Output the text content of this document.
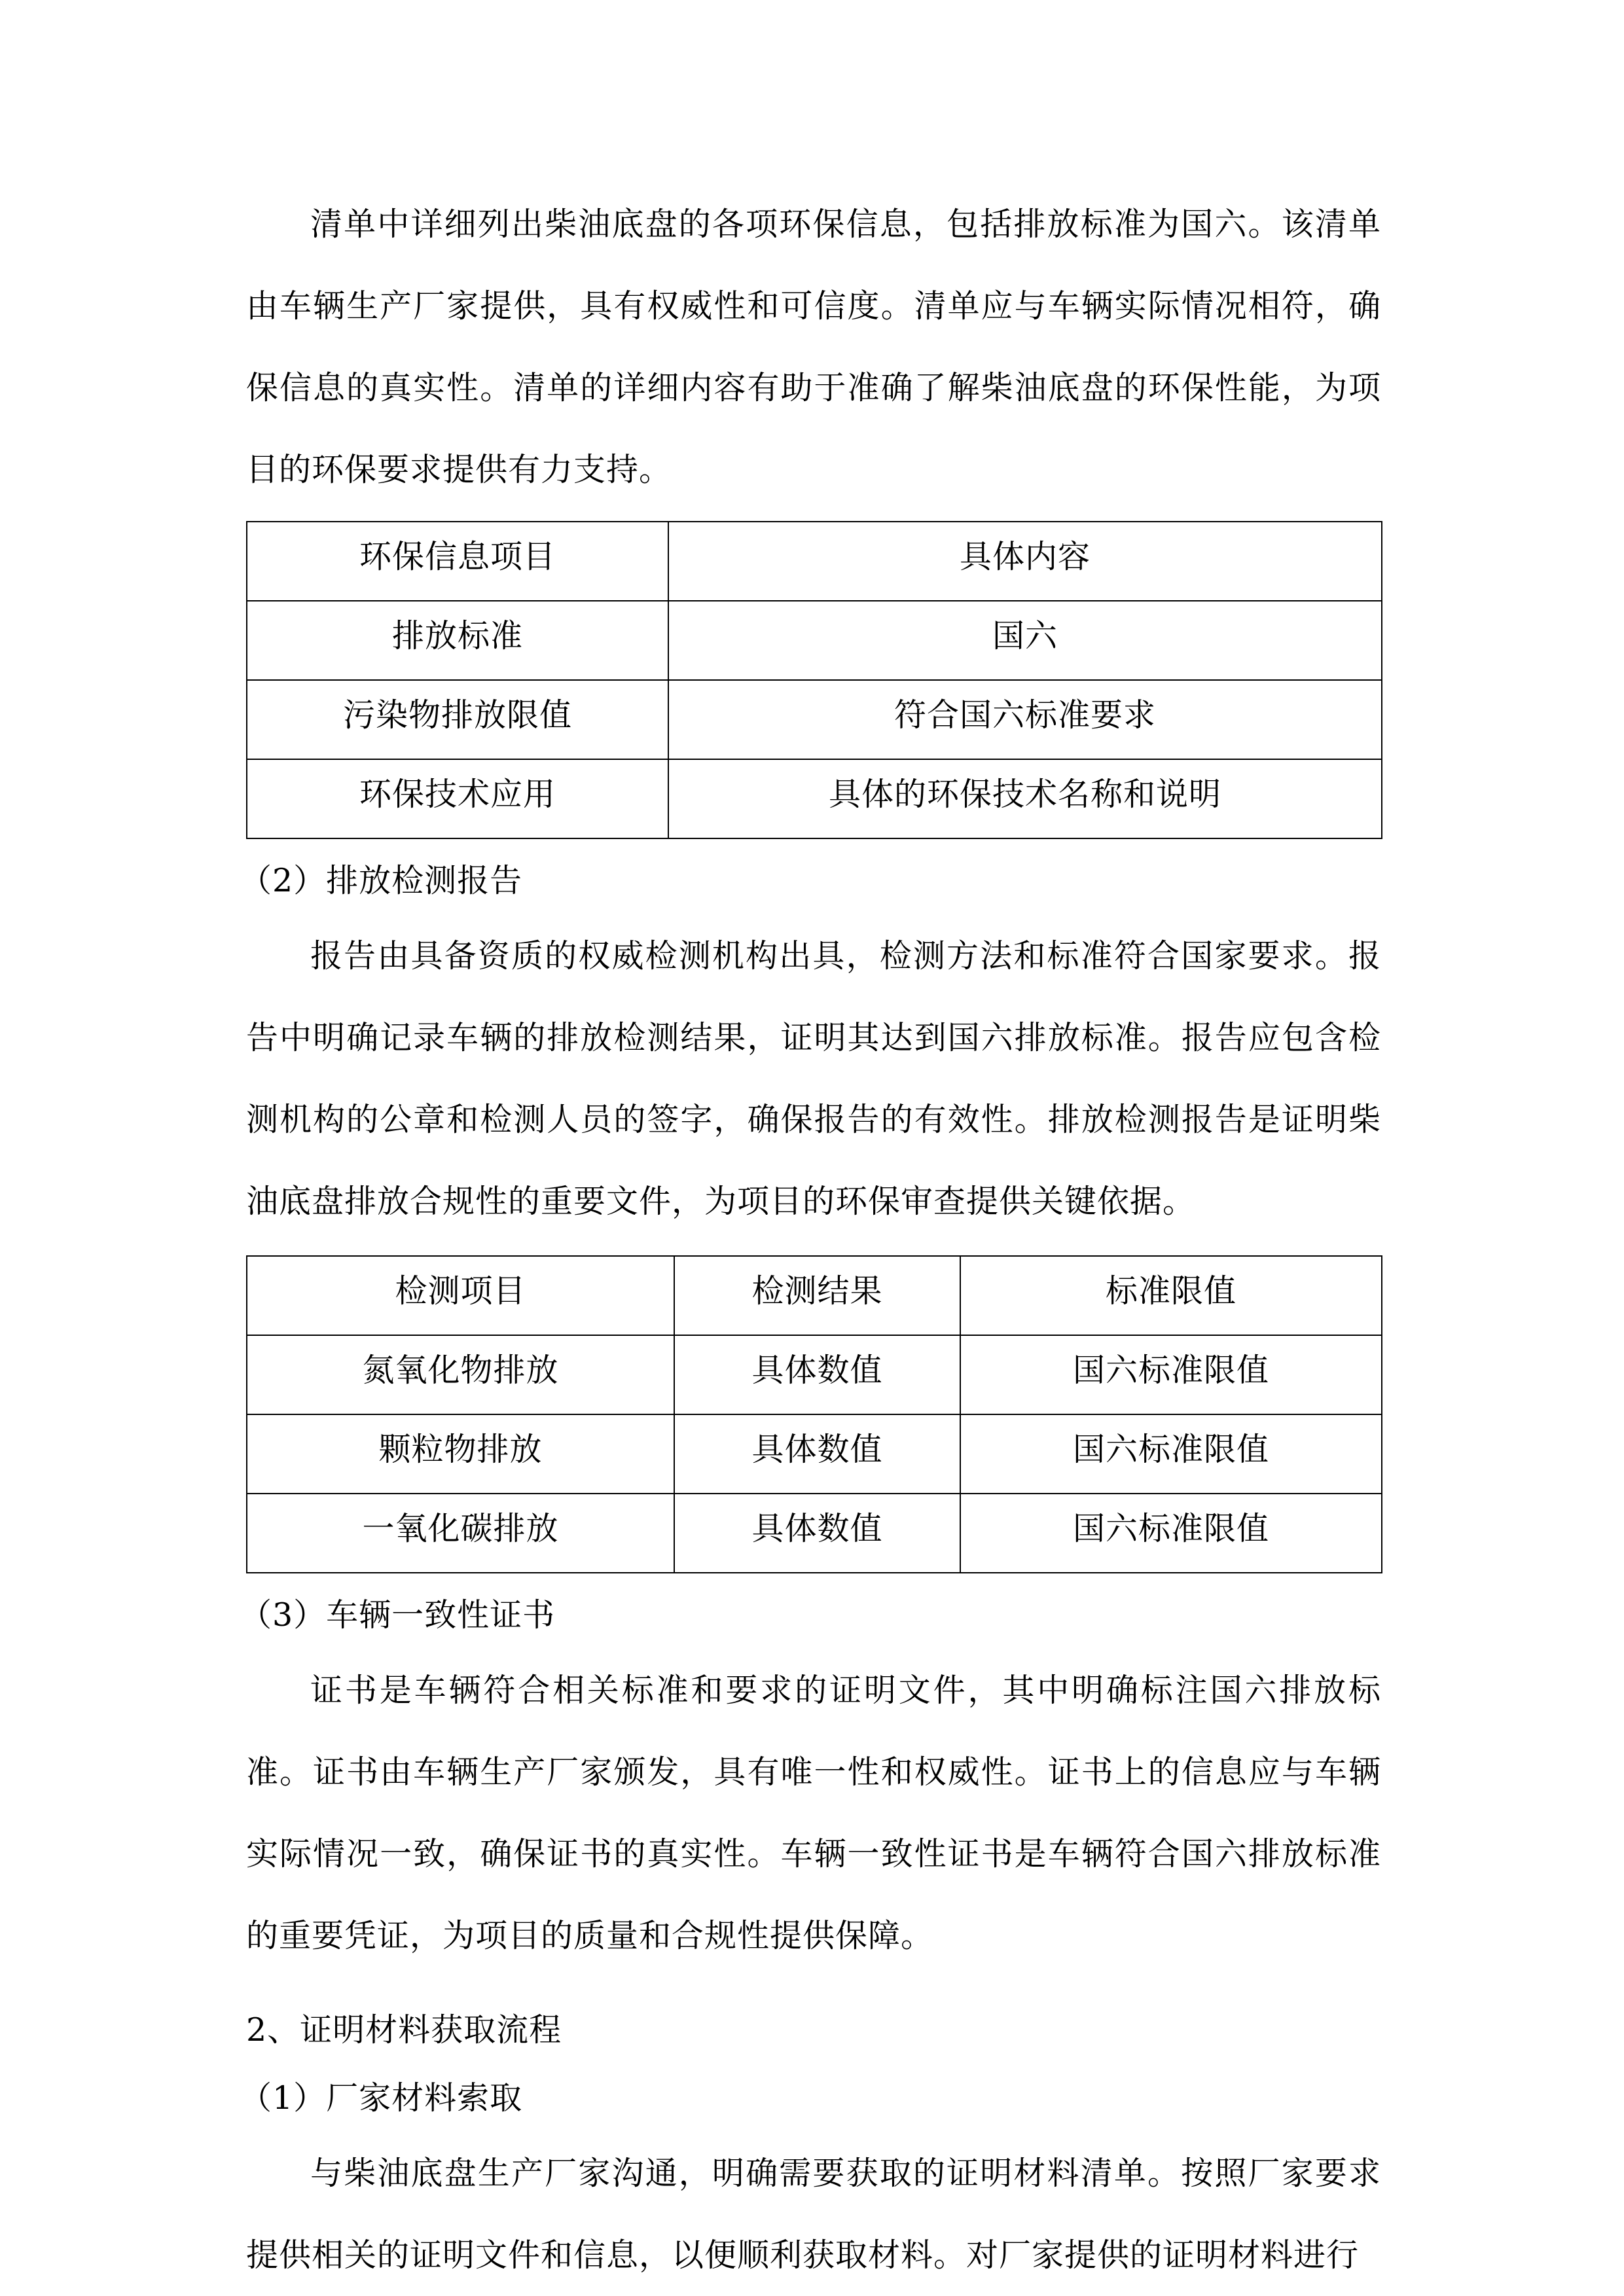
清单中详细列出柴油底盘的各项环保信息，包括排放标准为国六。该清单由车辆生产厂家提供，具有权威性和可信度。清单应与车辆实际情况相符，确保信息的真实性。清单的详细内容有助于准确了解柴油底盘的环保性能，为项目的环保要求提供有力支持。

环保信息项目	具体内容
排放标准	国六
污染物排放限值	符合国六标准要求
环保技术应用	具体的环保技术名称和说明

（2）排放检测报告

报告由具备资质的权威检测机构出具，检测方法和标准符合国家要求。报告中明确记录车辆的排放检测结果，证明其达到国六排放标准。报告应包含检测机构的公章和检测人员的签字，确保报告的有效性。排放检测报告是证明柴油底盘排放合规性的重要文件，为项目的环保审查提供关键依据。

检测项目	检测结果	标准限值
氮氧化物排放	具体数值	国六标准限值
颗粒物排放	具体数值	国六标准限值
一氧化碳排放	具体数值	国六标准限值

（3）车辆一致性证书

证书是车辆符合相关标准和要求的证明文件，其中明确标注国六排放标准。证书由车辆生产厂家颁发，具有唯一性和权威性。证书上的信息应与车辆实际情况一致，确保证书的真实性。车辆一致性证书是车辆符合国六排放标准的重要凭证，为项目的质量和合规性提供保障。

2、证明材料获取流程

（1）厂家材料索取

与柴油底盘生产厂家沟通，明确需要获取的证明材料清单。按照厂家要求提供相关的证明文件和信息，以便顺利获取材料。对厂家提供的证明材料进行
